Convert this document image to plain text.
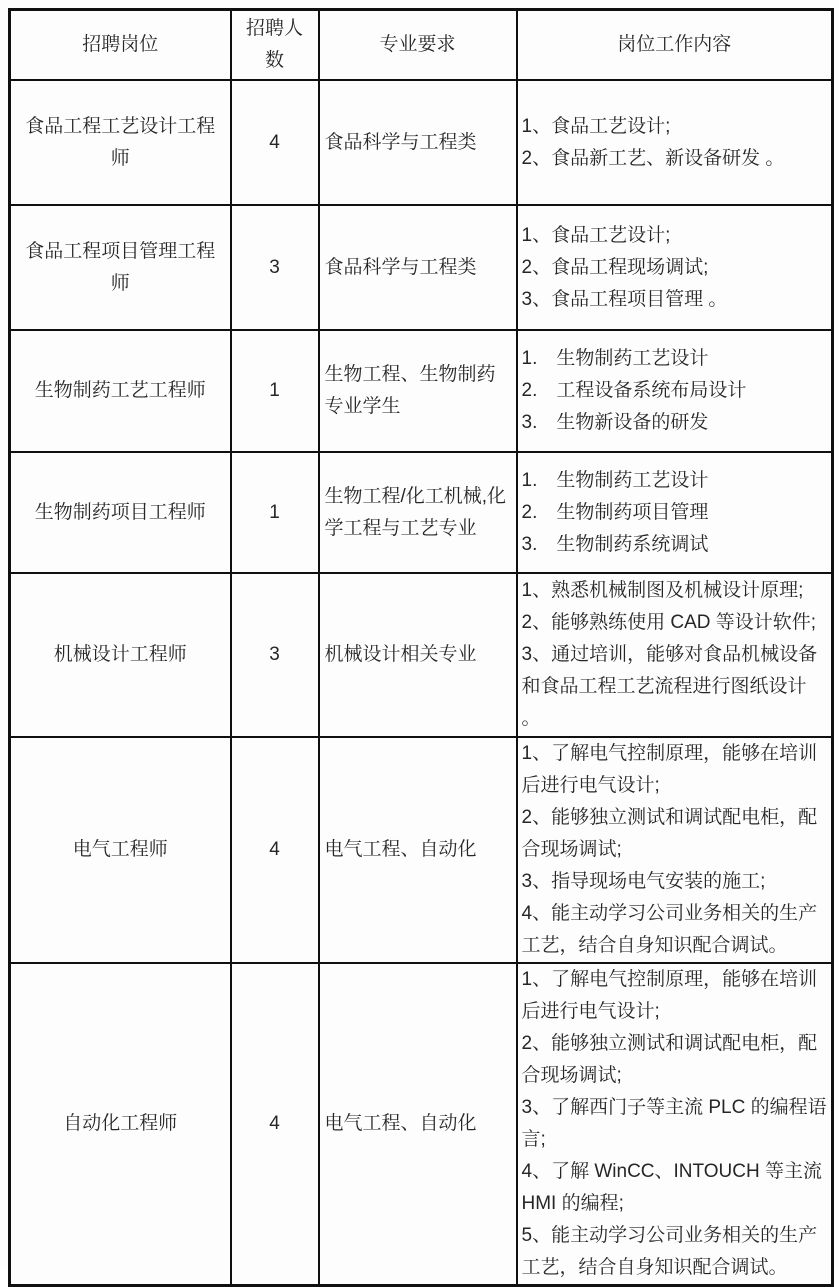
招聘岗位	招聘人数	专业要求	岗位工作内容
食品工程工艺设计工程师	4	食品科学与工程类	1、食品工艺设计;
2、食品新工艺、新设备研发 。

食品工程项目管理工程师	3	食品科学与工程类	1、食品工艺设计;
2、食品工程现场调试;
3、食品工程项目管理 。

生物制药工艺工程师	1	生物工程、生物制药专业学生	1.　生物制药工艺设计
2.　工程设备系统布局设计
3.　生物新设备的研发

生物制药项目工程师	1	生物工程/化工机械,化学工程与工艺专业	1.　生物制药工艺设计
2.　生物制药项目管理
3.　生物制药系统调试

机械设计工程师	3	机械设计相关专业	1、熟悉机械制图及机械设计原理;
2、能够熟练使用 CAD 等设计软件;
3、通过培训，能够对食品机械设备和食品工程工艺流程进行图纸设计 。

电气工程师	4	电气工程、自动化	1、了解电气控制原理，能够在培训后进行电气设计;
2、能够独立测试和调试配电柜，配合现场调试;
3、指导现场电气安装的施工;
4、能主动学习公司业务相关的生产工艺，结合自身知识配合调试。

自动化工程师	4	电气工程、自动化	1、了解电气控制原理，能够在培训后进行电气设计;
2、能够独立测试和调试配电柜，配合现场调试;
3、了解西门子等主流 PLC 的编程语言;
4、了解 WinCC、INTOUCH 等主流 HMI 的编程;
5、能主动学习公司业务相关的生产工艺，结合自身知识配合调试。
